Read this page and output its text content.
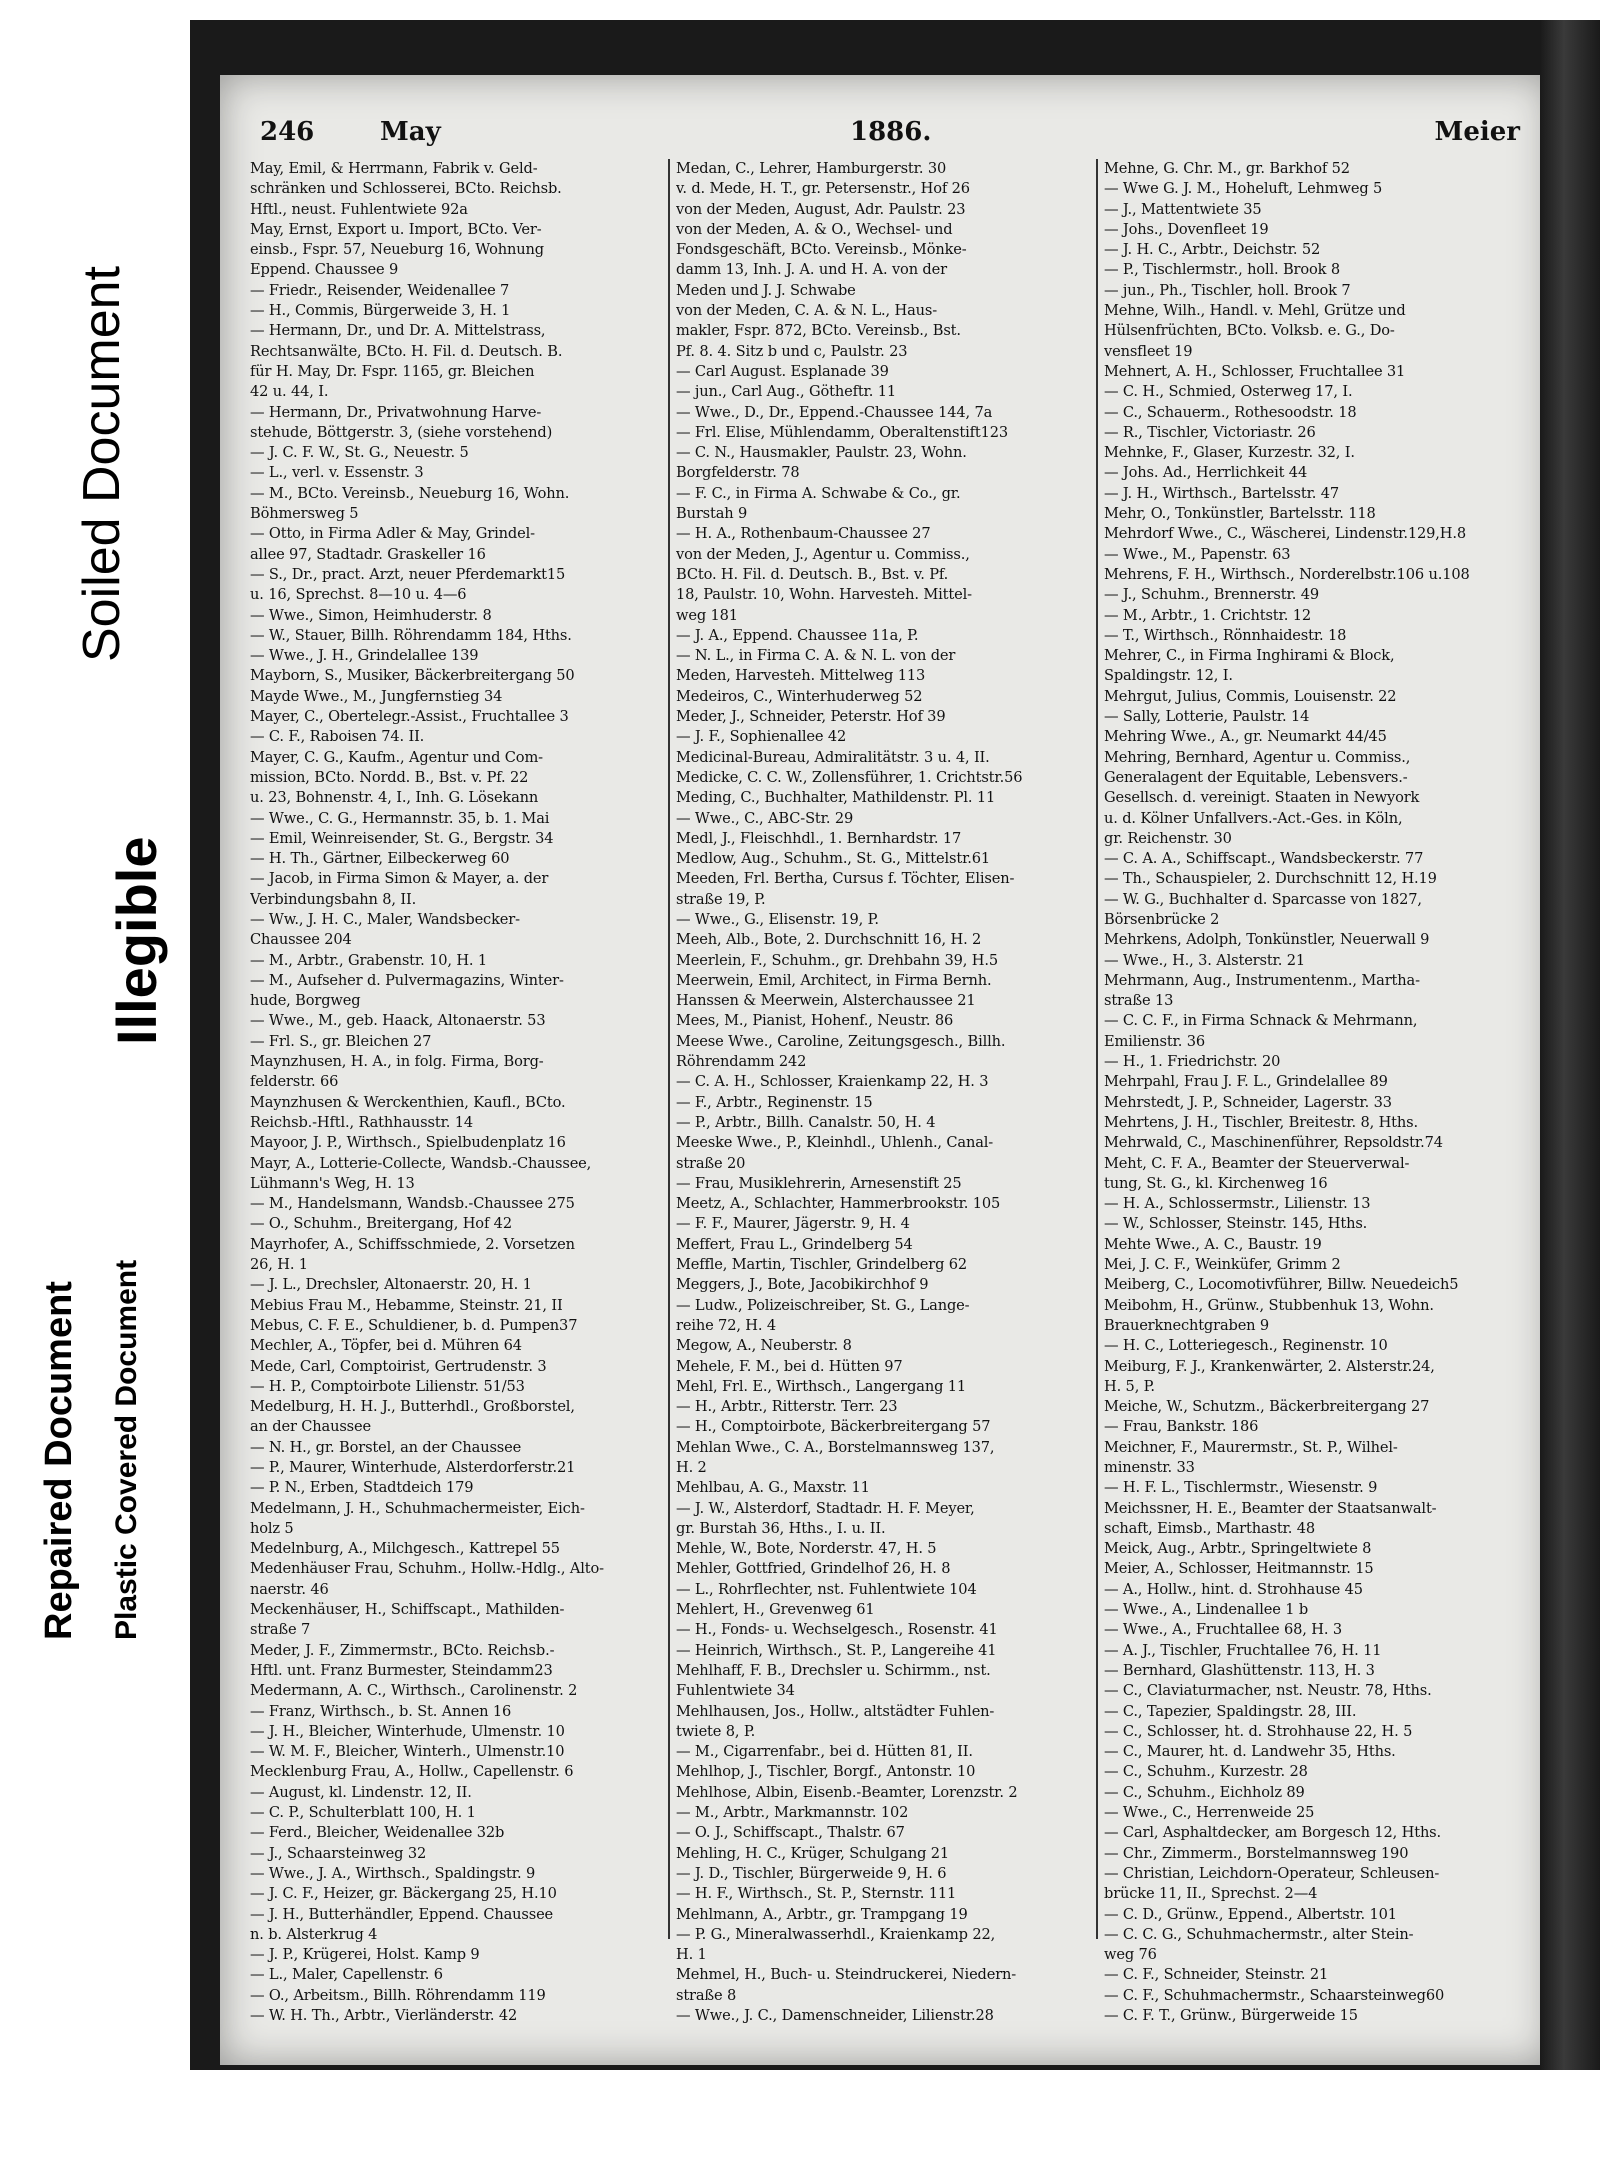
Soiled Document
Illegible
Repaired Document Plastic Covered Document
246	May	1886.	Meier
May, Emil, & Herrmann, Fabrik v. Geld-
schränken und Schlosserei, BCto. Reichsb.
Hftl., neust. Fuhlentwiete 92a
May, Ernst, Export u. Import, BCto. Ver-
einsb., Fspr. 57, Neueburg 16, Wohnung
Eppend. Chaussee 9
— Friedr., Reisender, Weidenallee 7
— H., Commis, Bürgerweide 3, H. 1
— Hermann, Dr., und Dr. A. Mittelstrass,
Rechtsanwälte, BCto. H. Fil. d. Deutsch. B.
für H. May, Dr. Fspr. 1165, gr. Bleichen
42 u. 44, I.
— Hermann, Dr., Privatwohnung Harve-
stehude, Böttgerstr. 3, (siehe vorstehend)
— J. C. F. W., St. G., Neuestr. 5
— L., verl. v. Essenstr. 3
— M., BCto. Vereinsb., Neueburg 16, Wohn.
Böhmersweg 5
— Otto, in Firma Adler & May, Grindel-
allee 97, Stadtadr. Graskeller 16
— S., Dr., pract. Arzt, neuer Pferdemarkt15
u. 16, Sprechst. 8—10 u. 4—6
— Wwe., Simon, Heimhuderstr. 8
— W., Stauer, Billh. Röhrendamm 184, Hths.
— Wwe., J. H., Grindelallee 139
Mayborn, S., Musiker, Bäckerbreitergang 50
Mayde Wwe., M., Jungfernstieg 34
Mayer, C., Obertelegr.-Assist., Fruchtallee 3
— C. F., Raboisen 74. II.
Mayer, C. G., Kaufm., Agentur und Com-
mission, BCto. Nordd. B., Bst. v. Pf. 22
u. 23, Bohnenstr. 4, I., Inh. G. Lösekann
— Wwe., C. G., Hermannstr. 35, b. 1. Mai
— Emil, Weinreisender, St. G., Bergstr. 34
— H. Th., Gärtner, Eilbeckerweg 60
— Jacob, in Firma Simon & Mayer, a. der
Verbindungsbahn 8, II.
— Ww., J. H. C., Maler, Wandsbecker-
Chaussee 204
— M., Arbtr., Grabenstr. 10, H. 1
— M., Aufseher d. Pulvermagazins, Winter-
hude, Borgweg
— Wwe., M., geb. Haack, Altonaerstr. 53
— Frl. S., gr. Bleichen 27
Maynzhusen, H. A., in folg. Firma, Borg-
felderstr. 66
Maynzhusen & Werckenthien, Kaufl., BCto.
Reichsb.-Hftl., Rathhausstr. 14
Mayoor, J. P., Wirthsch., Spielbudenplatz 16
Mayr, A., Lotterie-Collecte, Wandsb.-Chaussee,
Lühmann's Weg, H. 13
— M., Handelsmann, Wandsb.-Chaussee 275
— O., Schuhm., Breitergang, Hof 42
Mayrhofer, A., Schiffsschmiede, 2. Vorsetzen
26, H. 1
— J. L., Drechsler, Altonaerstr. 20, H. 1
Mebius Frau M., Hebamme, Steinstr. 21, II
Mebus, C. F. E., Schuldiener, b. d. Pumpen37
Mechler, A., Töpfer, bei d. Mühren 64
Mede, Carl, Comptoirist, Gertrudenstr. 3
— H. P., Comptoirbote Lilienstr. 51/53
Medelburg, H. H. J., Butterhdl., Großborstel,
an der Chaussee
— N. H., gr. Borstel, an der Chaussee
— P., Maurer, Winterhude, Alsterdorferstr.21
— P. N., Erben, Stadtdeich 179
Medelmann, J. H., Schuhmachermeister, Eich-
holz 5
Medelnburg, A., Milchgesch., Kattrepel 55
Medenhäuser Frau, Schuhm., Hollw.-Hdlg., Alto-
naerstr. 46
Meckenhäuser, H., Schiffscapt., Mathilden-
straße 7
Meder, J. F., Zimmermstr., BCto. Reichsb.-
Hftl. unt. Franz Burmester, Steindamm23
Medermann, A. C., Wirthsch., Carolinenstr. 2
— Franz, Wirthsch., b. St. Annen 16
— J. H., Bleicher, Winterhude, Ulmenstr. 10
— W. M. F., Bleicher, Winterh., Ulmenstr.10
Mecklenburg Frau, A., Hollw., Capellenstr. 6
— August, kl. Lindenstr. 12, II.
— C. P., Schulterblatt 100, H. 1
— Ferd., Bleicher, Weidenallee 32b
— J., Schaarsteinweg 32
— Wwe., J. A., Wirthsch., Spaldingstr. 9
— J. C. F., Heizer, gr. Bäckergang 25, H.10
— J. H., Butterhändler, Eppend. Chaussee
n. b. Alsterkrug 4
— J. P., Krügerei, Holst. Kamp 9
— L., Maler, Capellenstr. 6
— O., Arbeitsm., Billh. Röhrendamm 119
— W. H. Th., Arbtr., Vierländerstr. 42
Medan, C., Lehrer, Hamburgerstr. 30
v. d. Mede, H. T., gr. Petersenstr., Hof 26
von der Meden, August, Adr. Paulstr. 23
von der Meden, A. & O., Wechsel- und
Fondsgeschäft, BCto. Vereinsb., Mönke-
damm 13, Inh. J. A. und H. A. von der
Meden und J. J. Schwabe
von der Meden, C. A. & N. L., Haus-
makler, Fspr. 872, BCto. Vereinsb., Bst.
Pf. 8. 4. Sitz b und c, Paulstr. 23
— Carl August. Esplanade 39
— jun., Carl Aug., Götheftr. 11
— Wwe., D., Dr., Eppend.-Chaussee 144, 7a
— Frl. Elise, Mühlendamm, Oberaltenstift123
— C. N., Hausmakler, Paulstr. 23, Wohn.
Borgfelderstr. 78
— F. C., in Firma A. Schwabe & Co., gr.
Burstah 9
— H. A., Rothenbaum-Chaussee 27
von der Meden, J., Agentur u. Commiss.,
BCto. H. Fil. d. Deutsch. B., Bst. v. Pf.
18, Paulstr. 10, Wohn. Harvesteh. Mittel-
weg 181
— J. A., Eppend. Chaussee 11a, P.
— N. L., in Firma C. A. & N. L. von der
Meden, Harvesteh. Mittelweg 113
Medeiros, C., Winterhuderweg 52
Meder, J., Schneider, Peterstr. Hof 39
— J. F., Sophienallee 42
Medicinal-Bureau, Admiralitätstr. 3 u. 4, II.
Medicke, C. C. W., Zollensführer, 1. Crichtstr.56
Meding, C., Buchhalter, Mathildenstr. Pl. 11
— Wwe., C., ABC-Str. 29
Medl, J., Fleischhdl., 1. Bernhardstr. 17
Medlow, Aug., Schuhm., St. G., Mittelstr.61
Meeden, Frl. Bertha, Cursus f. Töchter, Elisen-
straße 19, P.
— Wwe., G., Elisenstr. 19, P.
Meeh, Alb., Bote, 2. Durchschnitt 16, H. 2
Meerlein, F., Schuhm., gr. Drehbahn 39, H.5
Meerwein, Emil, Architect, in Firma Bernh.
Hanssen & Meerwein, Alsterchaussee 21
Mees, M., Pianist, Hohenf., Neustr. 86
Meese Wwe., Caroline, Zeitungsgesch., Billh.
Röhrendamm 242
— C. A. H., Schlosser, Kraienkamp 22, H. 3
— F., Arbtr., Reginenstr. 15
— P., Arbtr., Billh. Canalstr. 50, H. 4
Meeske Wwe., P., Kleinhdl., Uhlenh., Canal-
straße 20
— Frau, Musiklehrerin, Arnesenstift 25
Meetz, A., Schlachter, Hammerbrookstr. 105
— F. F., Maurer, Jägerstr. 9, H. 4
Meffert, Frau L., Grindelberg 54
Meffle, Martin, Tischler, Grindelberg 62
Meggers, J., Bote, Jacobikirchhof 9
— Ludw., Polizeischreiber, St. G., Lange-
reihe 72, H. 4
Megow, A., Neuberstr. 8
Mehele, F. M., bei d. Hütten 97
Mehl, Frl. E., Wirthsch., Langergang 11
— H., Arbtr., Ritterstr. Terr. 23
— H., Comptoirbote, Bäckerbreitergang 57
Mehlan Wwe., C. A., Borstelmannsweg 137,
H. 2
Mehlbau, A. G., Maxstr. 11
— J. W., Alsterdorf, Stadtadr. H. F. Meyer,
gr. Burstah 36, Hths., I. u. II.
Mehle, W., Bote, Norderstr. 47, H. 5
Mehler, Gottfried, Grindelhof 26, H. 8
— L., Rohrflechter, nst. Fuhlentwiete 104
Mehlert, H., Grevenweg 61
— H., Fonds- u. Wechselgesch., Rosenstr. 41
— Heinrich, Wirthsch., St. P., Langereihe 41
Mehlhaff, F. B., Drechsler u. Schirmm., nst.
Fuhlentwiete 34
Mehlhausen, Jos., Hollw., altstädter Fuhlen-
twiete 8, P.
— M., Cigarrenfabr., bei d. Hütten 81, II.
Mehlhop, J., Tischler, Borgf., Antonstr. 10
Mehlhose, Albin, Eisenb.-Beamter, Lorenzstr. 2
— M., Arbtr., Markmannstr. 102
— O. J., Schiffscapt., Thalstr. 67
Mehling, H. C., Krüger, Schulgang 21
— J. D., Tischler, Bürgerweide 9, H. 6
— H. F., Wirthsch., St. P., Sternstr. 111
Mehlmann, A., Arbtr., gr. Trampgang 19
— P. G., Mineralwasserhdl., Kraienkamp 22,
H. 1
Mehmel, H., Buch- u. Steindruckerei, Niedern-
straße 8
— Wwe., J. C., Damenschneider, Lilienstr.28
Mehne, G. Chr. M., gr. Barkhof 52
— Wwe G. J. M., Hoheluft, Lehmweg 5
— J., Mattentwiete 35
— Johs., Dovenfleet 19
— J. H. C., Arbtr., Deichstr. 52
— P., Tischlermstr., holl. Brook 8
— jun., Ph., Tischler, holl. Brook 7
Mehne, Wilh., Handl. v. Mehl, Grütze und
Hülsenfrüchten, BCto. Volksb. e. G., Do-
vensfleet 19
Mehnert, A. H., Schlosser, Fruchtallee 31
— C. H., Schmied, Osterweg 17, I.
— C., Schauerm., Rothesoodstr. 18
— R., Tischler, Victoriastr. 26
Mehnke, F., Glaser, Kurzestr. 32, I.
— Johs. Ad., Herrlichkeit 44
— J. H., Wirthsch., Bartelsstr. 47
Mehr, O., Tonkünstler, Bartelsstr. 118
Mehrdorf Wwe., C., Wäscherei, Lindenstr.129,H.8
— Wwe., M., Papenstr. 63
Mehrens, F. H., Wirthsch., Norderelbstr.106 u.108
— J., Schuhm., Brennerstr. 49
— M., Arbtr., 1. Crichtstr. 12
— T., Wirthsch., Rönnhaidestr. 18
Mehrer, C., in Firma Inghirami & Block,
Spaldingstr. 12, I.
Mehrgut, Julius, Commis, Louisenstr. 22
— Sally, Lotterie, Paulstr. 14
Mehring Wwe., A., gr. Neumarkt 44/45
Mehring, Bernhard, Agentur u. Commiss.,
Generalagent der Equitable, Lebensvers.-
Gesellsch. d. vereinigt. Staaten in Newyork
u. d. Kölner Unfallvers.-Act.-Ges. in Köln,
gr. Reichenstr. 30
— C. A. A., Schiffscapt., Wandsbeckerstr. 77
— Th., Schauspieler, 2. Durchschnitt 12, H.19
— W. G., Buchhalter d. Sparcasse von 1827,
Börsenbrücke 2
Mehrkens, Adolph, Tonkünstler, Neuerwall 9
— Wwe., H., 3. Alsterstr. 21
Mehrmann, Aug., Instrumentenm., Martha-
straße 13
— C. C. F., in Firma Schnack & Mehrmann,
Emilienstr. 36
— H., 1. Friedrichstr. 20
Mehrpahl, Frau J. F. L., Grindelallee 89
Mehrstedt, J. P., Schneider, Lagerstr. 33
Mehrtens, J. H., Tischler, Breitestr. 8, Hths.
Mehrwald, C., Maschinenführer, Repsoldstr.74
Meht, C. F. A., Beamter der Steuerverwal-
tung, St. G., kl. Kirchenweg 16
— H. A., Schlossermstr., Lilienstr. 13
— W., Schlosser, Steinstr. 145, Hths.
Mehte Wwe., A. C., Baustr. 19
Mei, J. C. F., Weinküfer, Grimm 2
Meiberg, C., Locomotivführer, Billw. Neuedeich5
Meibohm, H., Grünw., Stubbenhuk 13, Wohn.
Brauerknechtgraben 9
— H. C., Lotteriegesch., Reginenstr. 10
Meiburg, F. J., Krankenwärter, 2. Alsterstr.24,
H. 5, P.
Meiche, W., Schutzm., Bäckerbreitergang 27
— Frau, Bankstr. 186
Meichner, F., Maurermstr., St. P., Wilhel-
minenstr. 33
— H. F. L., Tischlermstr., Wiesenstr. 9
Meichssner, H. E., Beamter der Staatsanwalt-
schaft, Eimsb., Marthastr. 48
Meick, Aug., Arbtr., Springeltwiete 8
Meier, A., Schlosser, Heitmannstr. 15
— A., Hollw., hint. d. Strohhause 45
— Wwe., A., Lindenallee 1 b
— Wwe., A., Fruchtallee 68, H. 3
— A. J., Tischler, Fruchtallee 76, H. 11
— Bernhard, Glashüttenstr. 113, H. 3
— C., Claviaturmacher, nst. Neustr. 78, Hths.
— C., Tapezier, Spaldingstr. 28, III.
— C., Schlosser, ht. d. Strohhause 22, H. 5
— C., Maurer, ht. d. Landwehr 35, Hths.
— C., Schuhm., Kurzestr. 28
— C., Schuhm., Eichholz 89
— Wwe., C., Herrenweide 25
— Carl, Asphaltdecker, am Borgesch 12, Hths.
— Chr., Zimmerm., Borstelmannsweg 190
— Christian, Leichdorn-Operateur, Schleusen-
brücke 11, II., Sprechst. 2—4
— C. D., Grünw., Eppend., Albertstr. 101
— C. C. G., Schuhmachermstr., alter Stein-
weg 76
— C. F., Schneider, Steinstr. 21
— C. F., Schuhmachermstr., Schaarsteinweg60
— C. F. T., Grünw., Bürgerweide 15
